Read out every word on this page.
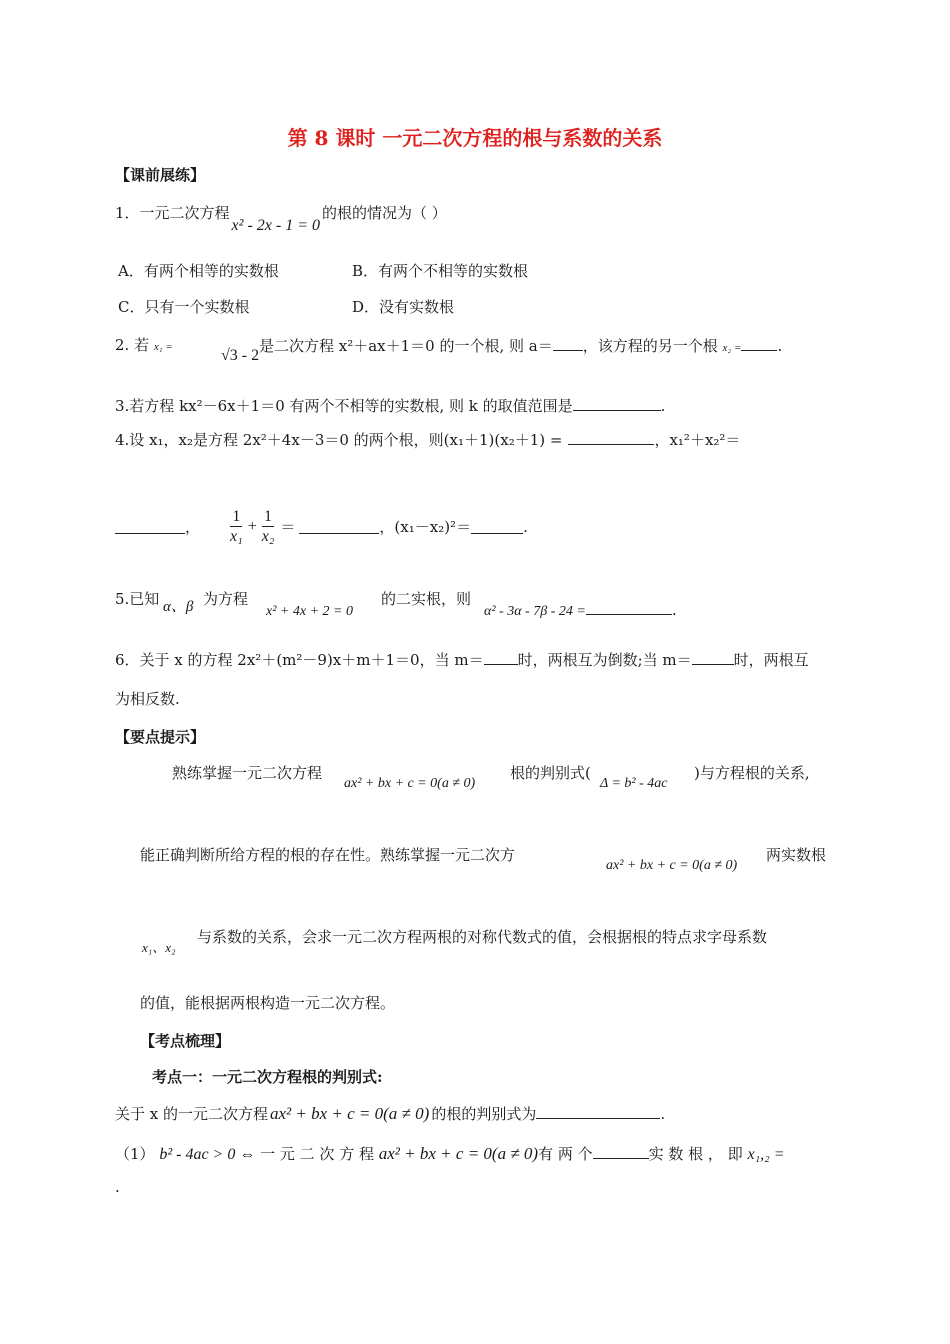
第 8 课时 一元二次方程的根与系数的关系
【课前展练】
1．一元二次方程x² - 2x - 1 = 0的根的情况为（ ）
A．有两个相等的实数根	B．有两个不相等的实数根
C．只有一个实数根	D．没有实数根
2. 若 x₁ =	√3 - 2
是二次方程 x²＋ax＋1＝0 的一个根, 则 a＝ ，该方程的另一个根 x₂ = .
3.若方程 kx²－6x＋1＝0 有两个不相等的实数根, 则 k 的取值范围是	.
4.设 x₁，x₂是方程 2x²＋4x－3＝0 的两个根，则(x₁＋1)(x₂＋1) =	，x₁²＋x₂²＝
， $\frac{1}{\text{x₁}} + \frac{1}{\text{x₂}}$ ＝	，(x₁－x₂)²＝	.
5.已知 α、β 为方程
x² + 4x + 2 = 0
的二实根，则
α² - 3α - 7β - 24 =	.
6．关于 x 的方程 2x²＋(m²－9)x＋m＋1＝0，当 m＝ 时，两根互为倒数;当 m＝	时，两根互
为相反数.
【要点提示】
熟练掌握一元二次方程
ax² + bx + c = 0(a ≠ 0)
根的判别式(
Δ = b² - 4ac
)与方程根的关系,
能正确判断所给方程的根的存在性。熟练掌握一元二次方
ax² + bx + c = 0(a ≠ 0)
两实数根
x₁、x₂
与系数的关系，会求一元二次方程两根的对称代数式的值，会根据根的特点求字母系数
的值，能根据两根构造一元二次方程。
【考点梳理】
考点一：一元二次方程根的判别式:
关于 x 的一元二次方程 ax² + bx + c = 0(a ≠ 0) 的根的判别式为	.
（1） b² - 4ac > 0 ⇔ 一 元 二 次 方 程 ax² + bx + c = 0(a ≠ 0)有 两 个	实 数 根 ， 即 x₁,₂ =
.
